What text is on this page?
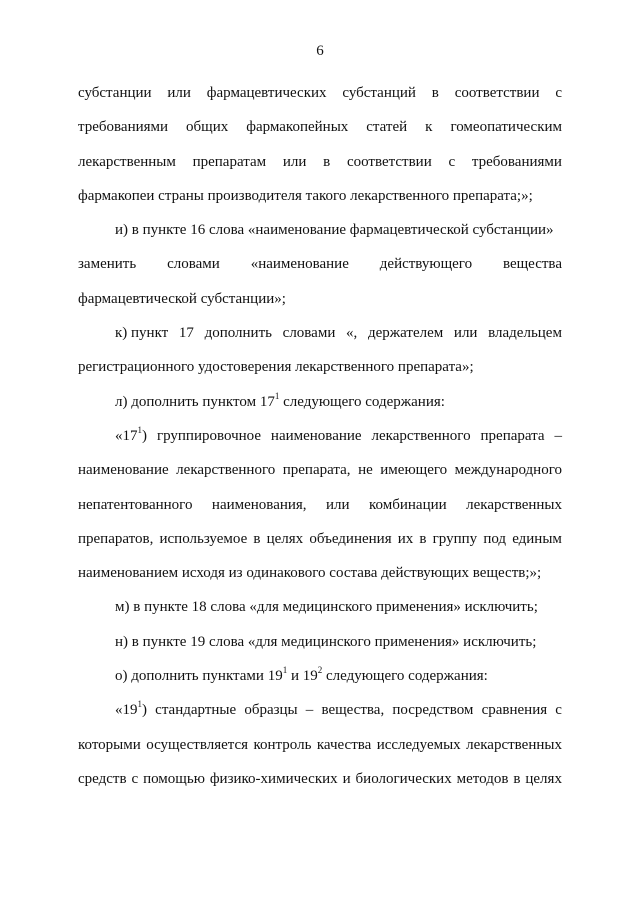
6
субстанции или фармацевтических субстанций в соответствии с
требованиями общих фармакопейных статей к гомеопатическим
лекарственным препаратам или в соответствии с требованиями
фармакопеи страны производителя такого лекарственного препарата;»;
и) в пункте 16 слова «наименование фармацевтической субстанции»
заменить словами «наименование действующего вещества
фармацевтической субстанции»;
к) пункт 17 дополнить словами «, держателем или владельцем
регистрационного удостоверения лекарственного препарата»;
л) дополнить пунктом $17^1$ следующего содержания:
«$17^1$) группировочное наименование лекарственного препарата –
наименование лекарственного препарата, не имеющего международного
непатентованного наименования, или комбинации лекарственных
препаратов, используемое в целях объединения их в группу под единым
наименованием исходя из одинакового состава действующих веществ;»;
м) в пункте 18 слова «для медицинского применения» исключить;
н) в пункте 19 слова «для медицинского применения» исключить;
о) дополнить пунктами $19^1$ и $19^2$ следующего содержания:
«$19^1$) стандартные образцы – вещества, посредством сравнения с
которыми осуществляется контроль качества исследуемых лекарственных
средств с помощью физико-химических и биологических методов в целях
